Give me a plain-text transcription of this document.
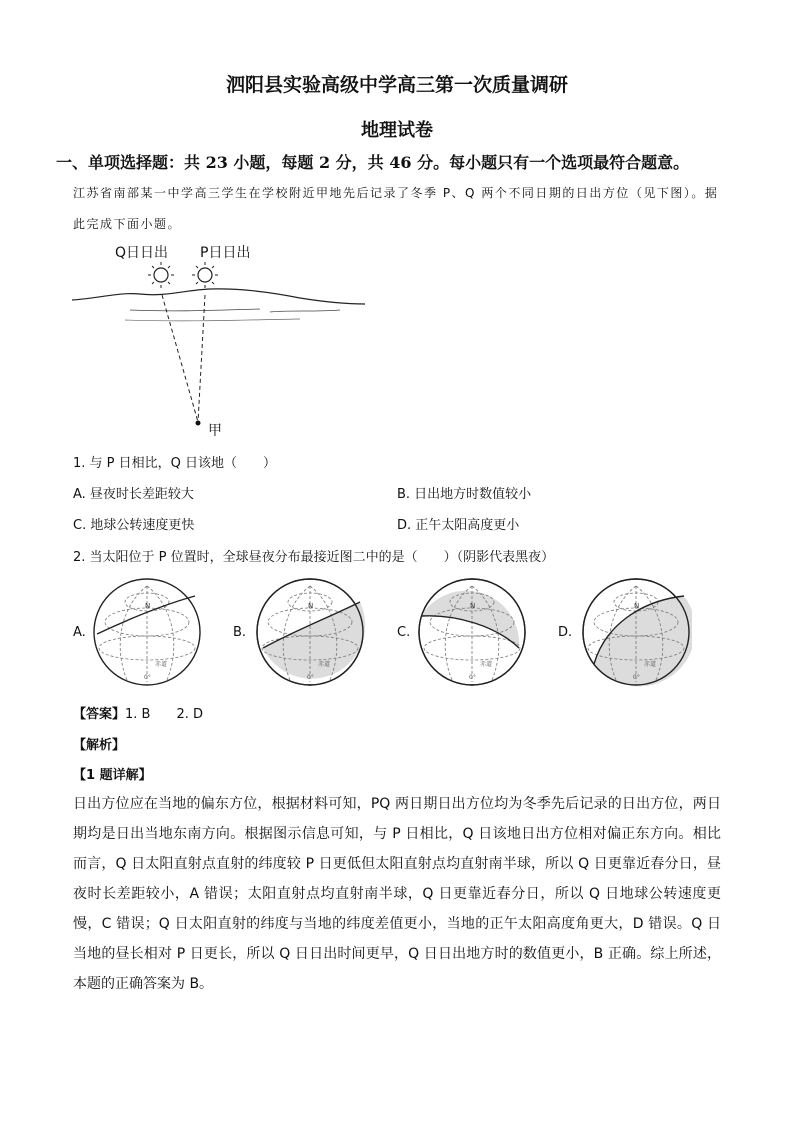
泗阳县实验高级中学高三第一次质量调研
地理试卷
一、单项选择题：共 23 小题，每题 2 分，共 46 分。每小题只有一个选项最符合题意。
江苏省南部某一中学高三学生在学校附近甲地先后记录了冬季 P、Q 两个不同日期的日出方位（见下图）。据此完成下面小题。
Q日日出 P日日出
甲
1. 与 P 日相比，Q 日该地（　　）
A. 昼夜时长差距较大	B. 日出地方时数值较小
C. 地球公转速度更快	D. 正午太阳高度更小
2. 当太阳位于 P 位置时，全球昼夜分布最接近图二中的是（　　）（阴影代表黑夜）
A.	B.	C.	D.
N
赤道
0°
N
赤道
0°
N
赤道
0°
N
赤道
0°
【答案】1. B　　2. D
【解析】
【1 题详解】
日出方位应在当地的偏东方位，根据材料可知，PQ 两日期日出方位均为冬季先后记录的日出方位，两日期均是日出当地东南方向。根据图示信息可知，与 P 日相比，Q 日该地日出方位相对偏正东方向。相比而言，Q 日太阳直射点直射的纬度较 P 日更低但太阳直射点均直射南半球，所以 Q 日更靠近春分日，昼夜时长差距较小，A 错误；太阳直射点均直射南半球，Q 日更靠近春分日，所以 Q 日地球公转速度更慢，C 错误；Q 日太阳直射的纬度与当地的纬度差值更小，当地的正午太阳高度角更大，D 错误。Q 日当地的昼长相对 P 日更长，所以 Q 日日出时间更早，Q 日日出地方时的数值更小，B 正确。综上所述，本题的正确答案为 B。
